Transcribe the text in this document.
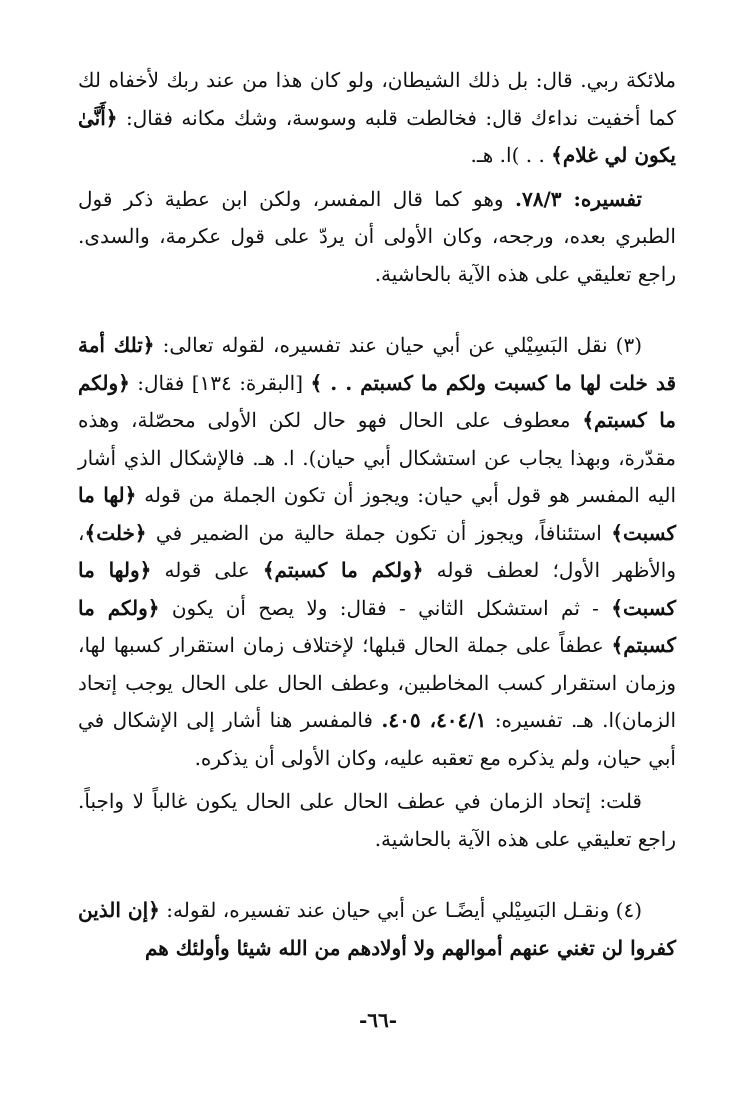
ملائكة ربي. قال: بل ذلك الشيطان، ولو كان هذا من عند ربك لأخفاه لك كما أخفيت نداءك قال: فخالطت قلبه وسوسة، وشك مكانه فقال: ﴿أَنَّىٰ يكون لي غلام﴾ . . )ا. هـ.

تفسيره: ٧٨/٣. وهو كما قال المفسر، ولكن ابن عطية ذكر قول الطبري بعده، ورجحه، وكان الأولى أن يردّ على قول عكرمة، والسدى. راجع تعليقي على هذه الآية بالحاشية.

(٣) نقل البَسِيْلي عن أبي حيان عند تفسيره، لقوله تعالى: ﴿تلك أمة قد خلت لها ما كسبت ولكم ما كسبتم . . ﴾ [البقرة: ١٣٤] فقال: ﴿ولكم ما كسبتم﴾ معطوف على الحال فهو حال لكن الأولى محصّلة، وهذه مقدّرة، وبهذا يجاب عن استشكال أبي حيان). ا. هـ. فالإشكال الذي أشار اليه المفسر هو قول أبي حيان: ويجوز أن تكون الجملة من قوله ﴿لها ما كسبت﴾ استئنافاً، ويجوز أن تكون جملة حالية من الضمير في ﴿خلت﴾، والأظهر الأول؛ لعطف قوله ﴿ولكم ما كسبتم﴾ على قوله ﴿ولها ما كسبت﴾ - ثم استشكل الثاني - فقال: ولا يصح أن يكون ﴿ولكم ما كسبتم﴾ عطفاً على جملة الحال قبلها؛ لإختلاف زمان استقرار كسبها لها، وزمان استقرار كسب المخاطبين، وعطف الحال على الحال يوجب إتحاد الزمان)ا. هـ. تفسيره: ٤٠٤/١، ٤٠٥. فالمفسر هنا أشار إلى الإشكال في أبي حيان، ولم يذكره مع تعقبه عليه، وكان الأولى أن يذكره.

قلت: إتحاد الزمان في عطف الحال على الحال يكون غالباً لا واجباً. راجع تعليقي على هذه الآية بالحاشية.

(٤) ونقـل البَسِيْلي أيضًـا عن أبي حيان عند تفسيره، لقوله: ﴿إن الذين كفروا لن تغني عنهم أموالهم ولا أولادهم من الله شيئا وأولئك هم

-٦٦-
